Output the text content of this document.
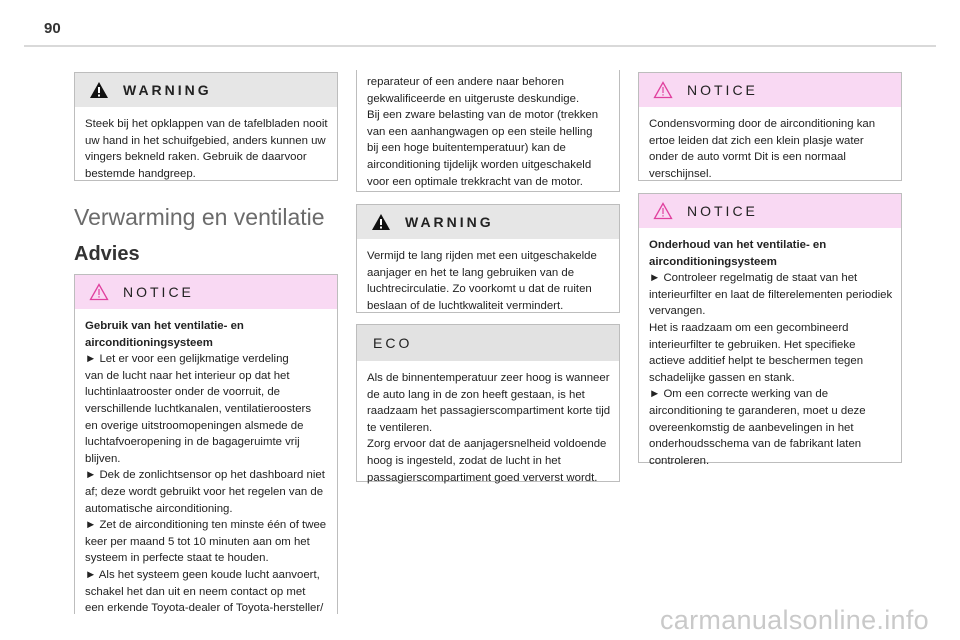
90
WARNING
Steek bij het opklappen van de tafelbladen nooit
uw hand in het schuifgebied, anders kunnen uw
vingers bekneld raken. Gebruik de daarvoor
bestemde handgreep.
Verwarming en ventilatie
Advies
NOTICE
Gebruik van het ventilatie- en
airconditioningsysteem
► Let er voor een gelijkmatige verdeling
van de lucht naar het interieur op dat het
luchtinlaatrooster onder de voorruit, de
verschillende luchtkanalen, ventilatieroosters
en overige uitstroomopeningen alsmede de
luchtafvoeropening in de bagageruimte vrij
blijven.
► Dek de zonlichtsensor op het dashboard niet
af; deze wordt gebruikt voor het regelen van de
automatische airconditioning.
► Zet de airconditioning ten minste één of twee
keer per maand 5 tot 10 minuten aan om het
systeem in perfecte staat te houden.
► Als het systeem geen koude lucht aanvoert,
schakel het dan uit en neem contact op met
een erkende Toyota-dealer of Toyota-hersteller/
reparateur of een andere naar behoren
gekwalificeerde en uitgeruste deskundige.
Bij een zware belasting van de motor (trekken
van een aanhangwagen op een steile helling
bij een hoge buitentemperatuur) kan de
airconditioning tijdelijk worden uitgeschakeld
voor een optimale trekkracht van de motor.
WARNING
Vermijd te lang rijden met een uitgeschakelde
aanjager en het te lang gebruiken van de
luchtrecirculatie. Zo voorkomt u dat de ruiten
beslaan of de luchtkwaliteit vermindert.
ECO
Als de binnentemperatuur zeer hoog is wanneer
de auto lang in de zon heeft gestaan, is het
raadzaam het passagierscompartiment korte tijd
te ventileren.
Zorg ervoor dat de aanjagersnelheid voldoende
hoog is ingesteld, zodat de lucht in het
passagierscompartiment goed ververst wordt.
NOTICE
Condensvorming door de airconditioning kan
ertoe leiden dat zich een klein plasje water
onder de auto vormt Dit is een normaal
verschijnsel.
NOTICE
Onderhoud van het ventilatie- en
airconditioningsysteem
► Controleer regelmatig de staat van het
interieurfilter en laat de filterelementen periodiek
vervangen.
Het is raadzaam om een gecombineerd
interieurfilter te gebruiken. Het specifieke
actieve additief helpt te beschermen tegen
schadelijke gassen en stank.
► Om een correcte werking van de
airconditioning te garanderen, moet u deze
overeenkomstig de aanbevelingen in het
onderhoudsschema van de fabrikant laten
controleren.
carmanualsonline.info
